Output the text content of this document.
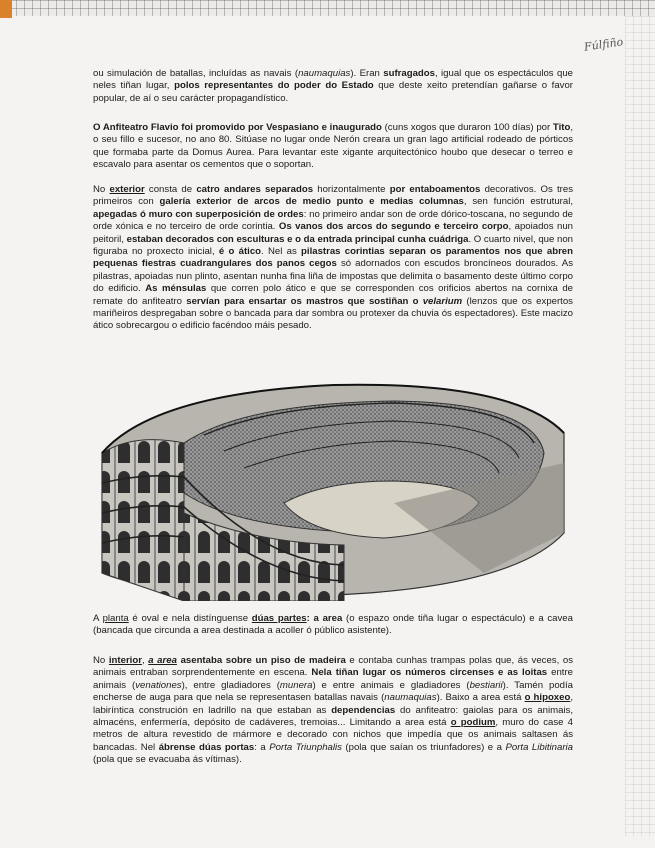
Fúlfiño

ou simulación de batallas, incluídas as navais (naumaquias). Eran sufragados, igual que os espectáculos que neles tiñan lugar, polos representantes do poder do Estado que deste xeito pretendían gañarse o favor popular, de aí o seu carácter propagandístico.

O Anfiteatro Flavio foi promovido por Vespasiano e inaugurado (cuns xogos que duraron 100 días) por Tito, o seu fillo e sucesor, no ano 80. Sitúase no lugar onde Nerón creara un gran lago artificial rodeado de pórticos que formaba parte da Domus Aurea. Para levantar este xigante arquitectónico houbo que desecar o terreo e escavalo para asentar os cementos que o soportan.

No exterior consta de catro andares separados horizontalmente por entaboamentos decorativos. Os tres primeiros con galería exterior de arcos de medio punto e medias columnas, sen función estrutural, apegadas ó muro con superposición de ordes: no primeiro andar son de orde dórico-toscana, no segundo de orde xónica e no terceiro de orde corintia. Os vanos dos arcos do segundo e terceiro corpo, apoiados nun peitoril, estaban decorados con esculturas e o da entrada principal cunha cuádriga. O cuarto nivel, que non figuraba no proxecto inicial, é o ático. Nel as pilastras corintias separan os paramentos nos que abren pequenas fiestras cuadrangulares dos panos cegos só adornados con escudos broncíneos dourados. As pilastras, apoiadas nun plinto, asentan nunha fina liña de impostas que delimita o basamento deste último corpo do edificio. As ménsulas que corren polo ático e que se corresponden cos orificios abertos na cornixa de remate do anfiteatro servían para ensartar os mastros que sostiñan o velarium (lenzos que os expertos mariñeiros despregaban sobre o bancada para dar sombra ou protexer da chuvia ós espectadores). Este macizo ático sobrecargou o edificio facéndoo máis pesado.

A planta é oval e nela distínguense dúas partes: a area (o espazo onde tiña lugar o espectáculo) e a cavea (bancada que circunda a area destinada a acoller ó público asistente).

No interior, a area asentaba sobre un piso de madeira e contaba cunhas trampas polas que, ás veces, os animais entraban sorprendentemente en escena. Nela tiñan lugar os números circenses e as loitas entre animais (venationes), entre gladiadores (munera) e entre animais e gladiadores (bestiarii). Tamén podía encherse de auga para que nela se representasen batallas navais (naumaquias). Baixo a area está o hipoxeo, labiríntica construción en ladrillo na que estaban as dependencias do anfiteatro: gaiolas para os animais, almacéns, enfermería, depósito de cadáveres, tremoias... Limitando a area está o podium, muro do case 4 metros de altura revestido de mármore e decorado con nichos que impedía que os animais saltasen ás bancadas. Nel ábrense dúas portas: a Porta Triunphalis (pola que saían os triunfadores) e a Porta Libitinaria (pola que se evacuaba ás vítimas).
